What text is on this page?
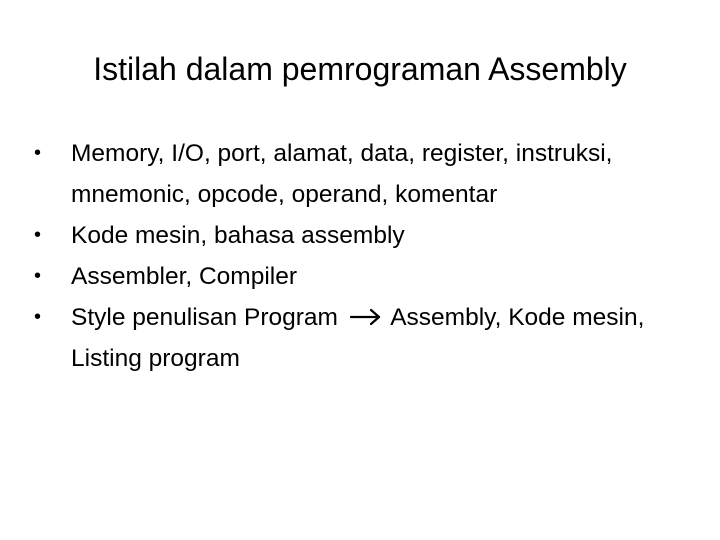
Istilah dalam pemrograman Assembly
•	Memory, I/O, port, alamat, data, register, instruksi, mnemonic, opcode, operand, komentar
•	Kode mesin, bahasa assembly
•	Assembler, Compiler
•	Style penulisan Program Assembly, Kode mesin, Listing program
